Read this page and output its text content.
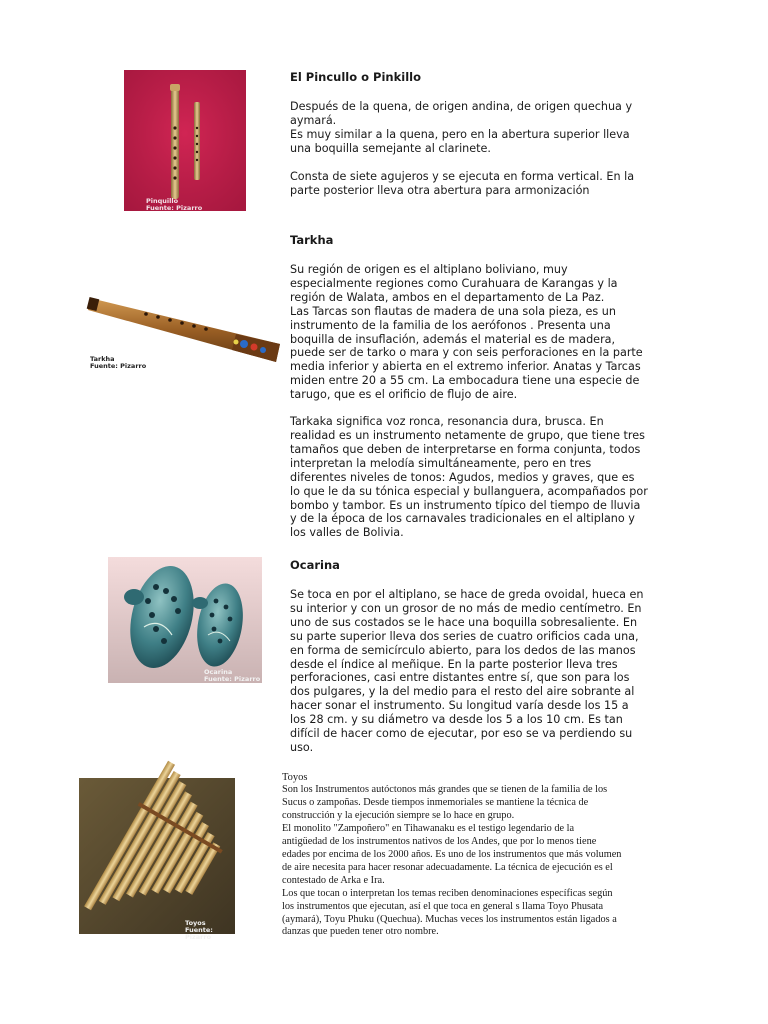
Pinquillo
Fuente: Pizarro

El Pincullo o Pinkillo

Después de la quena, de origen andina, de origen quechua y
aymará.
Es muy similar a la quena, pero en la abertura superior lleva
una boquilla semejante al clarinete.

Consta de siete agujeros y se ejecuta en forma vertical. En la
parte posterior lleva otra abertura para armonización

Tarkha
Fuente: Pizarro

Tarkha

Su región de origen es el altiplano boliviano, muy
especialmente regiones como Curahuara de Karangas y la
región de Walata, ambos en el departamento de La Paz.
Las Tarcas son flautas de madera de una sola pieza, es un
instrumento de la familia de los aerófonos . Presenta una
boquilla de insuflación, además el material es de madera,
puede ser de tarko o mara y con seis perforaciones en la parte
media inferior y abierta en el extremo inferior. Anatas y Tarcas
miden entre 20 a 55 cm. La embocadura tiene una especie de
tarugo, que es el orificio de flujo de aire.

Tarkaka significa voz ronca, resonancia dura, brusca. En
realidad es un instrumento netamente de grupo, que tiene tres
tamaños que deben de interpretarse en forma conjunta, todos
interpretan la melodía simultáneamente, pero en tres
diferentes niveles de tonos: Agudos, medios y graves, que es
lo que le da su tónica especial y bullanguera, acompañados por
bombo y tambor. Es un instrumento típico del tiempo de lluvia
y de la época de los carnavales tradicionales en el altiplano y
los valles de Bolivia.

Ocarina
Fuente: Pizarro

Ocarina

Se toca en por el altiplano, se hace de greda ovoidal, hueca en
su interior y con un grosor de no más de medio centímetro. En
uno de sus costados se le hace una boquilla sobresaliente. En
su parte superior lleva dos series de cuatro orificios cada una,
en forma de semicírculo abierto, para los dedos de las manos
desde el índice al meñique. En la parte posterior lleva tres
perforaciones, casi entre distantes entre sí, que son para los
dos pulgares, y la del medio para el resto del aire sobrante al
hacer sonar el instrumento. Su longitud varía desde los 15 a
los 28 cm. y su diámetro va desde los 5 a los 10 cm. Es tan
difícil de hacer como de ejecutar, por eso se va perdiendo su
uso.

Toyos
Fuente: Pizarro

Toyos

Son los Instrumentos autóctonos más grandes que se tienen de la familia de los
Sucus o zampoñas. Desde tiempos inmemoriales se mantiene la técnica de
construcción y la ejecución siempre se lo hace en grupo.
El monolito "Zampoñero" en Tihawanaku es el testigo legendario de la
antigüedad de los instrumentos nativos de los Andes, que por lo menos tiene
edades por encima de los 2000 años. Es uno de los instrumentos que más volumen
de aire necesita para hacer resonar adecuadamente. La técnica de ejecución es el
contestado de Arka e Ira.
Los que tocan o interpretan los temas reciben denominaciones específicas según
los instrumentos que ejecutan, así el que toca en general s llama Toyo Phusata
(aymará), Toyu Phuku (Quechua). Muchas veces los instrumentos están ligados a
danzas que pueden tener otro nombre.
